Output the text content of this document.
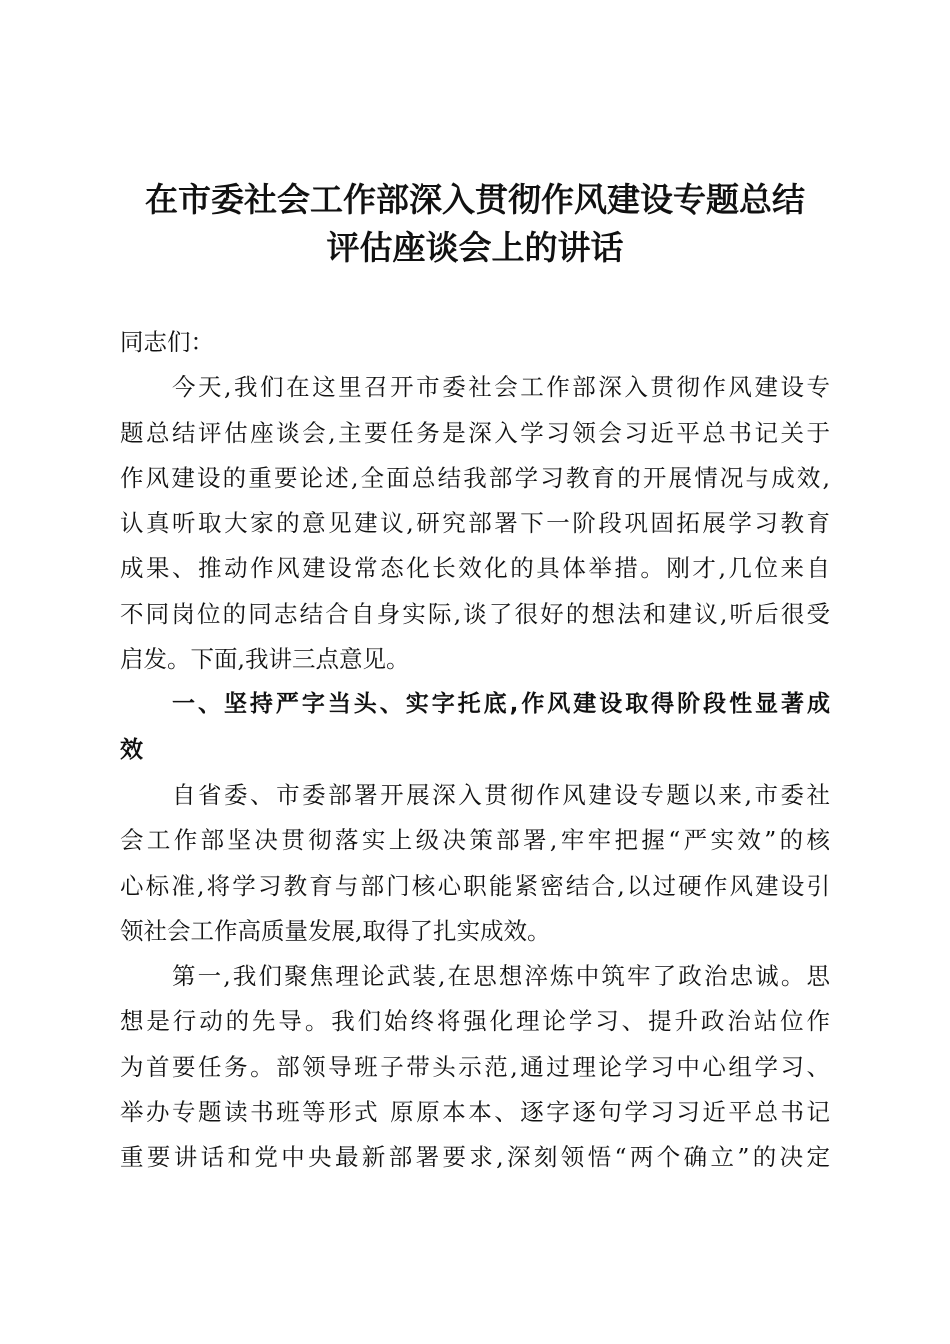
在市委社会工作部深入贯彻作风建设专题总结
评估座谈会上的讲话
同志们：
今天,我们在这里召开市委社会工作部深入贯彻作风建设专
题总结评估座谈会,主要任务是深入学习领会习近平总书记关于
作风建设的重要论述,全面总结我部学习教育的开展情况与成效,
认真听取大家的意见建议,研究部署下一阶段巩固拓展学习教育
成果、推动作风建设常态化长效化的具体举措。刚才,几位来自
不同岗位的同志结合自身实际,谈了很好的想法和建议,听后很受
启发。下面,我讲三点意见。
一、坚持严字当头、实字托底,作风建设取得阶段性显著成
效
自省委、市委部署开展深入贯彻作风建设专题以来,市委社
会工作部坚决贯彻落实上级决策部署,牢牢把握“严实效”的核
心标准,将学习教育与部门核心职能紧密结合,以过硬作风建设引
领社会工作高质量发展,取得了扎实成效。
第一,我们聚焦理论武装,在思想淬炼中筑牢了政治忠诚。思
想是行动的先导。我们始终将强化理论学习、提升政治站位作
为首要任务。部领导班子带头示范,通过理论学习中心组学习、
举办专题读书班等形式 原原本本、逐字逐句学习习近平总书记
重要讲话和党中央最新部署要求,深刻领悟“两个确立”的决定
